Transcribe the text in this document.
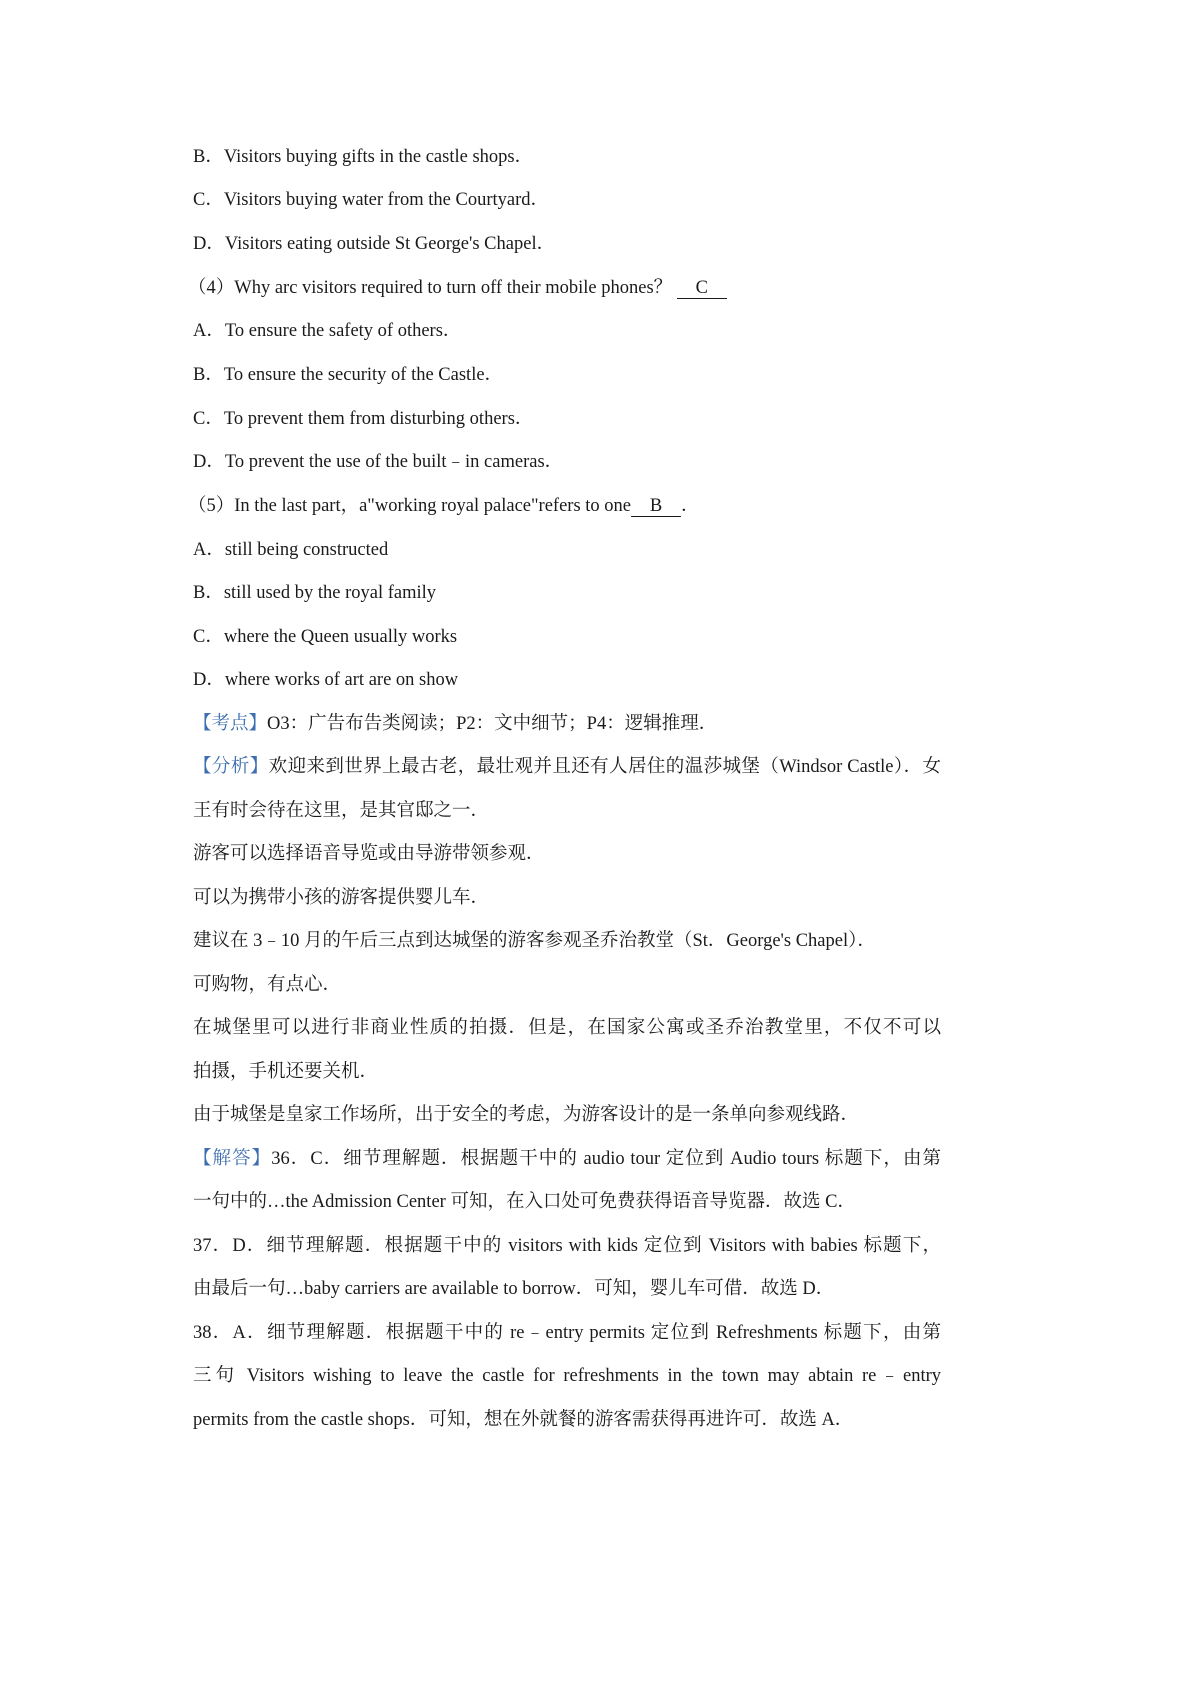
B．Visitors buying gifts in the castle shops．
C．Visitors buying water from the Courtyard．
D．Visitors eating outside St George's Chapel．
（4）Why arc visitors required to turn off their mobile phones？ C
A．To ensure the safety of others．
B．To ensure the security of the Castle．
C．To prevent them from disturbing others．
D．To prevent the use of the built﹣in cameras．
（5）In the last part，a"working royal palace"refers to one B ．
A．still being constructed
B．still used by the royal family
C．where the Queen usually works
D．where works of art are on show
【考点】O3：广告布告类阅读；P2：文中细节；P4：逻辑推理．
【分析】欢迎来到世界上最古老，最壮观并且还有人居住的温莎城堡（Windsor Castle）．女
王有时会待在这里，是其官邸之一．
游客可以选择语音导览或由导游带领参观．
可以为携带小孩的游客提供婴儿车．
建议在 3﹣10 月的午后三点到达城堡的游客参观圣乔治教堂（St．George's Chapel）．
可购物，有点心．
在城堡里可以进行非商业性质的拍摄．但是，在国家公寓或圣乔治教堂里，不仅不可以
拍摄，手机还要关机．
由于城堡是皇家工作场所，出于安全的考虑，为游客设计的是一条单向参观线路．
【解答】36．C．细节理解题．根据题干中的 audio tour 定位到 Audio tours 标题下，由第
一句中的…the Admission Center 可知，在入口处可免费获得语音导览器．故选 C．
37．D．细节理解题．根据题干中的 visitors with kids 定位到 Visitors with babies 标题下，
由最后一句…baby carriers are available to borrow．可知，婴儿车可借．故选 D．
38．A．细节理解题．根据题干中的 re﹣entry permits 定位到 Refreshments 标题下，由第
三句 Visitors wishing to leave the castle for refreshments in the town may abtain re﹣entry
permits from the castle shops．可知，想在外就餐的游客需获得再进许可．故选 A．
